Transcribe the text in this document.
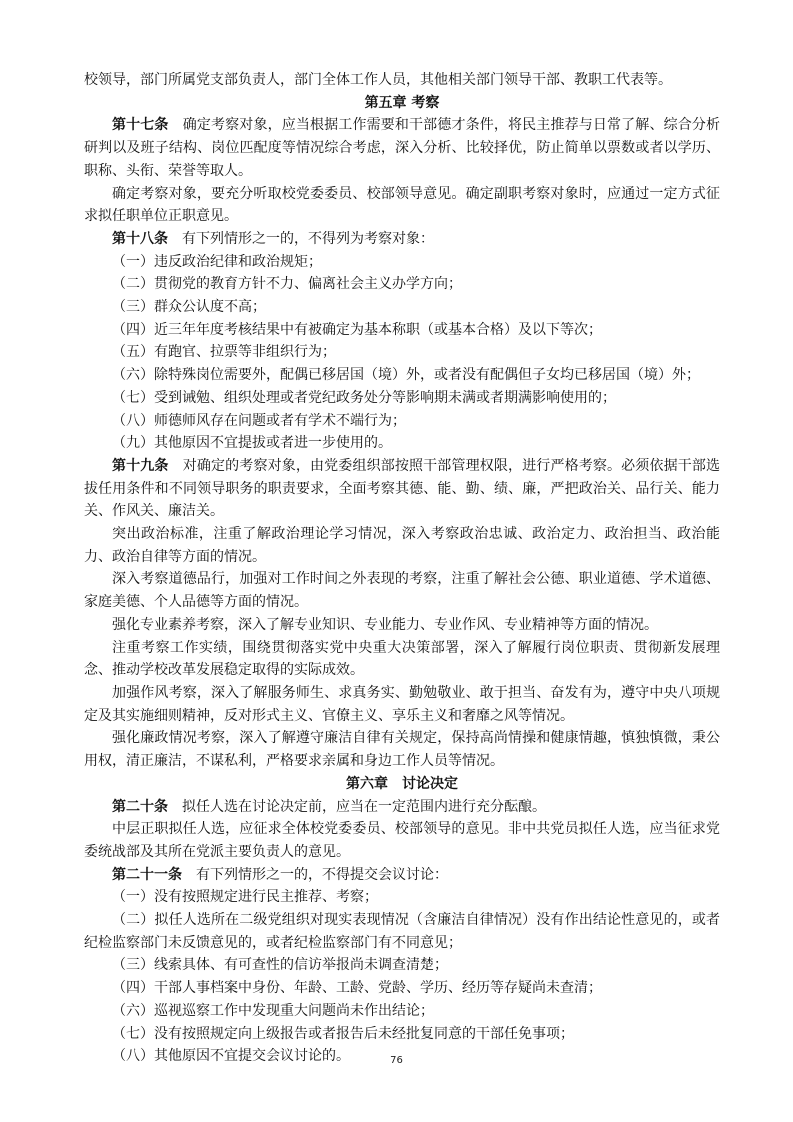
校领导，部门所属党支部负责人，部门全体工作人员，其他相关部门领导干部、教职工代表等。

第五章 考察

第十七条　 确定考察对象，应当根据工作需要和干部德才条件，将民主推荐与日常了解、综合分析研判以及班子结构、岗位匹配度等情况综合考虑，深入分析、比较择优，防止简单以票数或者以学历、职称、头衔、荣誉等取人。

确定考察对象，要充分听取校党委委员、校部领导意见。确定副职考察对象时，应通过一定方式征求拟任职单位正职意见。

第十八条　 有下列情形之一的，不得列为考察对象：

（一）违反政治纪律和政治规矩；

（二）贯彻党的教育方针不力、偏离社会主义办学方向；

（三）群众公认度不高；

（四）近三年年度考核结果中有被确定为基本称职（或基本合格）及以下等次；

（五）有跑官、拉票等非组织行为；

（六）除特殊岗位需要外，配偶已移居国（境）外，或者没有配偶但子女均已移居国（境）外；

（七）受到诫勉、组织处理或者党纪政务处分等影响期未满或者期满影响使用的；

（八）师德师风存在问题或者有学术不端行为；

（九）其他原因不宜提拔或者进一步使用的。

第十九条　 对确定的考察对象，由党委组织部按照干部管理权限，进行严格考察。必须依据干部选拔任用条件和不同领导职务的职责要求，全面考察其德、能、勤、绩、廉，严把政治关、品行关、能力关、作风关、廉洁关。

突出政治标准，注重了解政治理论学习情况，深入考察政治忠诚、政治定力、政治担当、政治能力、政治自律等方面的情况。

深入考察道德品行，加强对工作时间之外表现的考察，注重了解社会公德、职业道德、学术道德、家庭美德、个人品德等方面的情况。

强化专业素养考察，深入了解专业知识、专业能力、专业作风、专业精神等方面的情况。

注重考察工作实绩，围绕贯彻落实党中央重大决策部署，深入了解履行岗位职责、贯彻新发展理念、推动学校改革发展稳定取得的实际成效。

加强作风考察，深入了解服务师生、求真务实、勤勉敬业、敢于担当、奋发有为，遵守中央八项规定及其实施细则精神，反对形式主义、官僚主义、享乐主义和奢靡之风等情况。

强化廉政情况考察，深入了解遵守廉洁自律有关规定，保持高尚情操和健康情趣，慎独慎微，秉公用权，清正廉洁，不谋私利，严格要求亲属和身边工作人员等情况。

第六章　讨论决定

第二十条　 拟任人选在讨论决定前，应当在一定范围内进行充分酝酿。

中层正职拟任人选，应征求全体校党委委员、校部领导的意见。非中共党员拟任人选，应当征求党委统战部及其所在党派主要负责人的意见。

第二十一条　 有下列情形之一的，不得提交会议讨论：

（一）没有按照规定进行民主推荐、考察；

（二）拟任人选所在二级党组织对现实表现情况（含廉洁自律情况）没有作出结论性意见的，或者纪检监察部门未反馈意见的，或者纪检监察部门有不同意见；

（三）线索具体、有可查性的信访举报尚未调查清楚；

（四）干部人事档案中身份、年龄、工龄、党龄、学历、经历等存疑尚未查清；

（六）巡视巡察工作中发现重大问题尚未作出结论；

（七）没有按照规定向上级报告或者报告后未经批复同意的干部任免事项；

（八）其他原因不宜提交会议讨论的。	76
